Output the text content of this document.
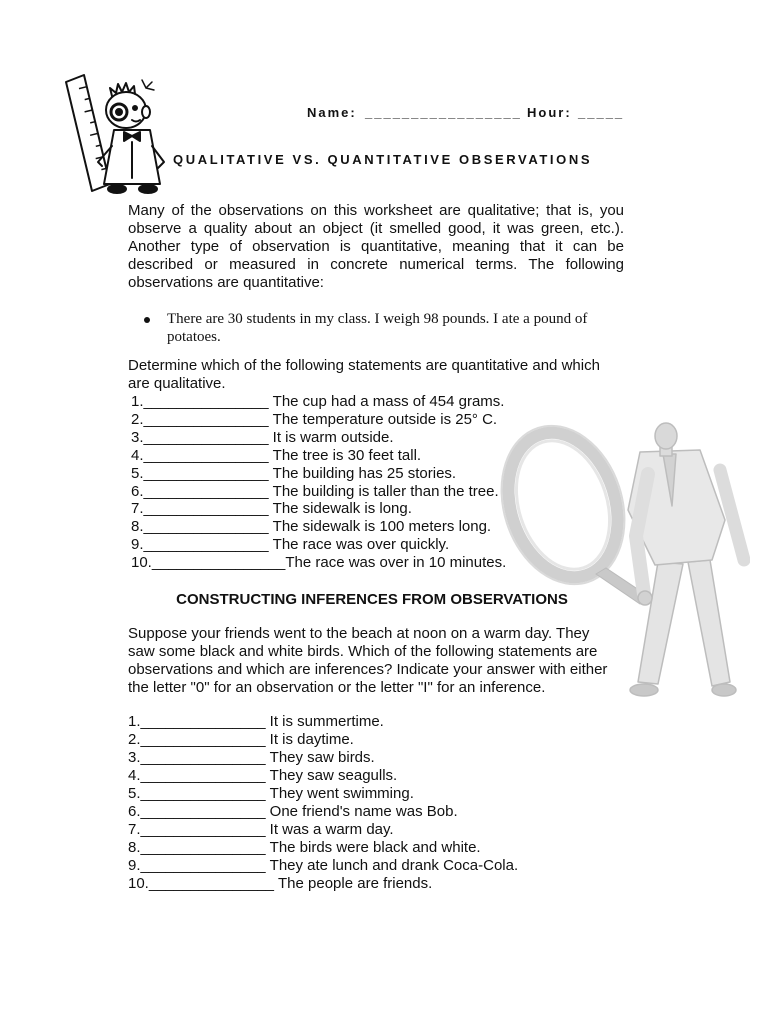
Name: _________________ Hour: _____
QUALITATIVE VS. QUANTITATIVE OBSERVATIONS
Many of the observations on this worksheet are qualitative; that is, you observe a quality about an object (it smelled good, it was green, etc.). Another type of observation is quantitative, meaning that it can be described or measured in concrete numerical terms. The following observations are quantitative:
There are 30 students in my class. I weigh 98 pounds. I ate a pound of potatoes.
Determine which of the following statements are quantitative and which are qualitative.
1._______________ The cup had a mass of 454 grams.
2._______________ The temperature outside is 25° C.
3._______________ It is warm outside.
4._______________ The tree is 30 feet tall.
5._______________ The building has 25 stories.
6._______________ The building is taller than the tree.
7._______________ The sidewalk is long.
8._______________ The sidewalk is 100 meters long.
9._______________ The race was over quickly.
10.________________The race was over in 10 minutes.
CONSTRUCTING INFERENCES FROM OBSERVATIONS
Suppose your friends went to the beach at noon on a warm day. They saw some black and white birds. Which of the following statements are observations and which are inferences? Indicate your answer with either the letter "0" for an observation or the letter "I" for an inference.
1._______________ It is summertime.
2._______________ It is daytime.
3._______________ They saw birds.
4._______________ They saw seagulls.
5._______________ They went swimming.
6._______________ One friend's name was Bob.
7._______________ It was a warm day.
8._______________ The birds were black and white.
9._______________ They ate lunch and drank Coca-Cola.
10._______________ The people are friends.
